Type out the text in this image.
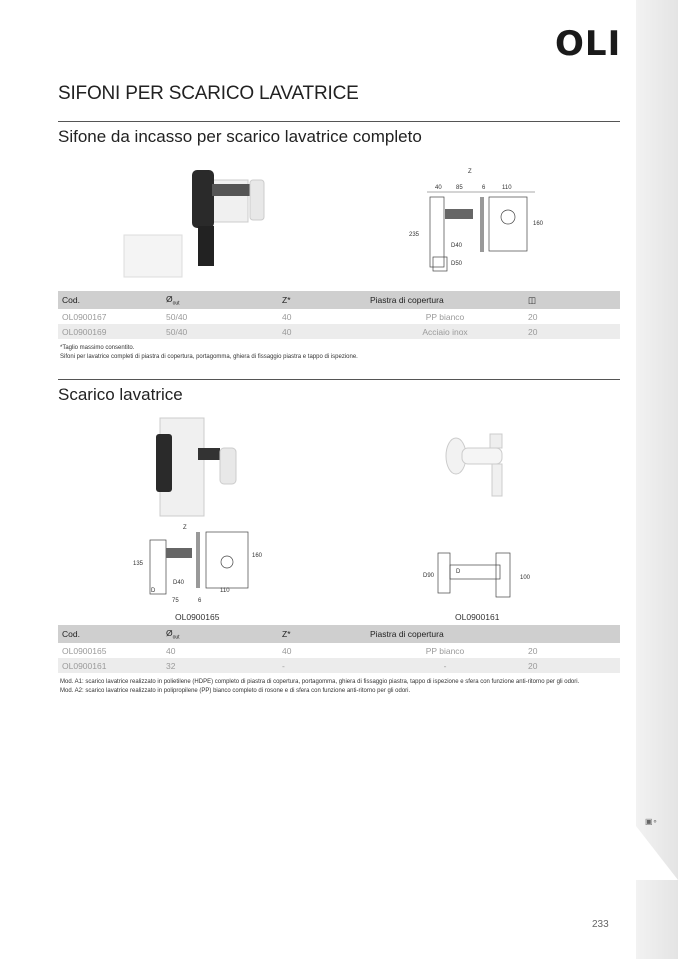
▣∘
OLI
SIFONI PER SCARICO LAVATRICE
Sifone da incasso per scarico lavatrice completo
Z
40 85	6	110
160
235
D40
D50
Cod.	$Ø_{out}$	Z*	Piastra di copertura	◫
OL0900167	50/40	40	PP bianco	20
OL0900169	50/40	40	Acciaio inox	20
*Taglio massimo consentito.
Sifoni per lavatrice completi di piastra di copertura, portagomma, ghiera di fissaggio piastra e tappo di ispezione.
Scarico lavatrice
Z
160
135
D40
D	110
75	6
D90
D
100
OL0900165	OL0900161
Cod.	$Ø_{out}$	Z*	Piastra di copertura	
OL0900165	40	40	PP bianco	20
OL0900161	32	-	-	20
Mod. A1: scarico lavatrice realizzato in polietilene (HDPE) completo di piastra di copertura, portagomma, ghiera di fissaggio piastra, tappo di ispezione e sfera con funzione anti-ritorno per gli odori.
Mod. A2: scarico lavatrice realizzato in polipropilene (PP) bianco completo di rosone e di sfera con funzione anti-ritorno per gli odori.
233
